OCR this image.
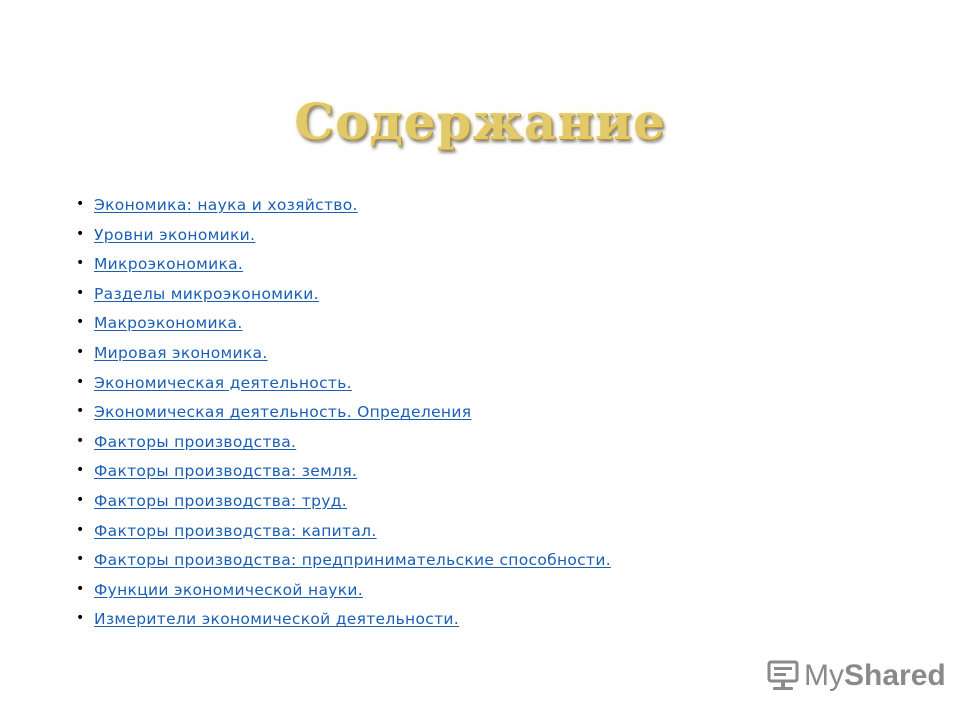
Содержание
• Экономика: наука и хозяйство.
• Уровни экономики.
• Микроэкономика.
• Разделы микроэкономики.
• Макроэкономика.
• Мировая экономика.
• Экономическая деятельность.
• Экономическая деятельность. Определения
• Факторы производства.
• Факторы производства: земля.
• Факторы производства: труд.
• Факторы производства: капитал.
• Факторы производства: предпринимательские способности.
• Функции экономической науки.
• Измерители экономической деятельности.
MyShared
